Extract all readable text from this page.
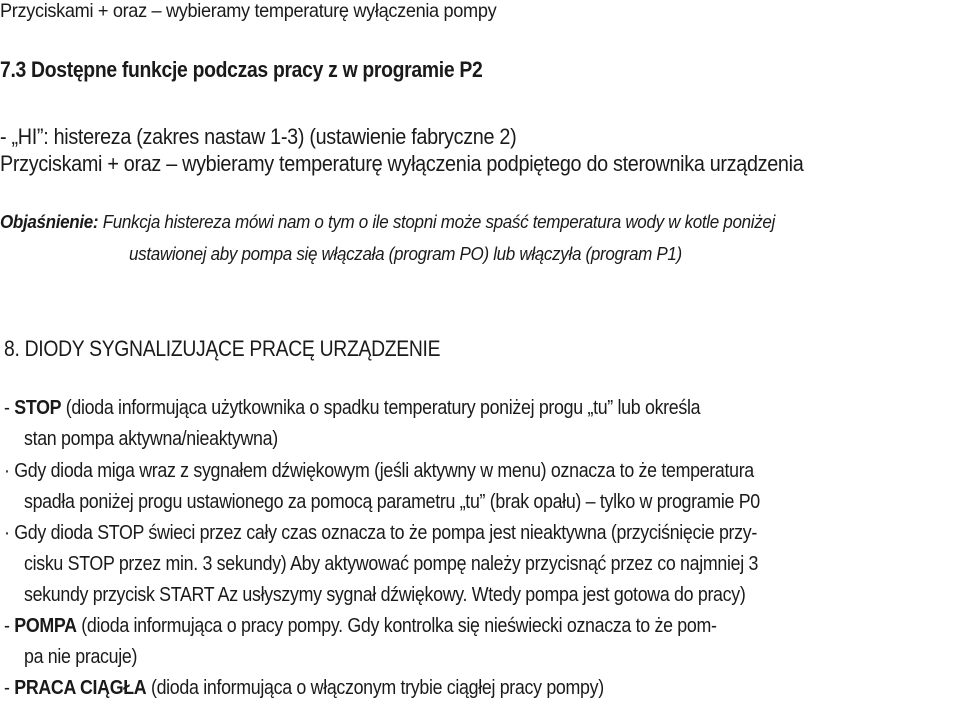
Przyciskami + oraz – wybieramy temperaturę wyłączenia pompy
7.3 Dostępne funkcje podczas pracy z w programie P2
- „HI”: histereza (zakres nastaw 1-3) (ustawienie fabryczne 2)
Przyciskami + oraz – wybieramy temperaturę wyłączenia podpiętego do sterownika urządzenia
Objaśnienie: Funkcja histereza mówi nam o tym o ile stopni może spaść temperatura wody w kotle poniżej
ustawionej aby pompa się włączała (program PO) lub włączyła (program P1)
8. DIODY SYGNALIZUJĄCE PRACĘ URZĄDZENIE
- STOP (dioda informująca użytkownika o spadku temperatury poniżej progu „tu” lub określa
stan pompa aktywna/nieaktywna)
· Gdy dioda miga wraz z sygnałem dźwiękowym (jeśli aktywny w menu) oznacza to że temperatura
spadła poniżej progu ustawionego za pomocą parametru „tu” (brak opału) – tylko w programie P0
· Gdy dioda STOP świeci przez cały czas oznacza to że pompa jest nieaktywna (przyciśnięcie przy-
cisku STOP przez min. 3 sekundy) Aby aktywować pompę należy przycisnąć przez co najmniej 3
sekundy przycisk START Az usłyszymy sygnał dźwiękowy. Wtedy pompa jest gotowa do pracy)
- POMPA (dioda informująca o pracy pompy. Gdy kontrolka się nieświecki oznacza to że pom-
pa nie pracuje)
- PRACA CIĄGŁA (dioda informująca o włączonym trybie ciągłej pracy pompy)
